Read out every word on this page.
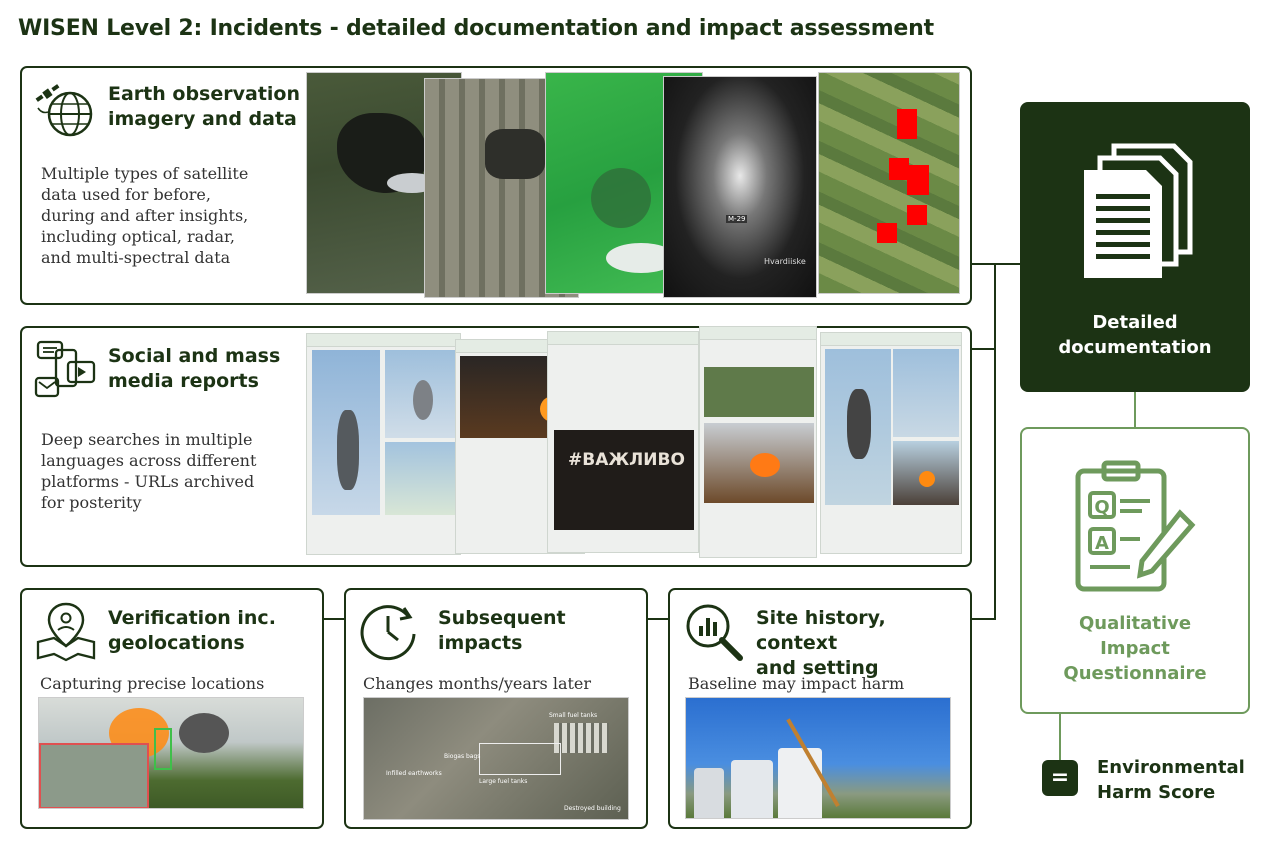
WISEN Level 2: Incidents - detailed documentation and impact assessment
Earth observation
imagery and data
Multiple types of satellite
data used for before,
during and after insights,
including optical, radar,
and multi-spectral data
M-29
Hvardiiske
Social and mass
media reports
Deep searches in multiple
languages across different
platforms - URLs archived
for posterity
#ВАЖЛИВО
Verification inc.
geolocations
Capturing precise locations
Subsequent
impacts
Changes months/years later
Small fuel tanks
Large fuel tanks
Biogas bags
Infilled earthworks
Destroyed building
Site history, context
and setting
Baseline may impact harm
Detailed
documentation
Q
A
Qualitative
Impact
Questionnaire
=	Environmental
Harm Score
